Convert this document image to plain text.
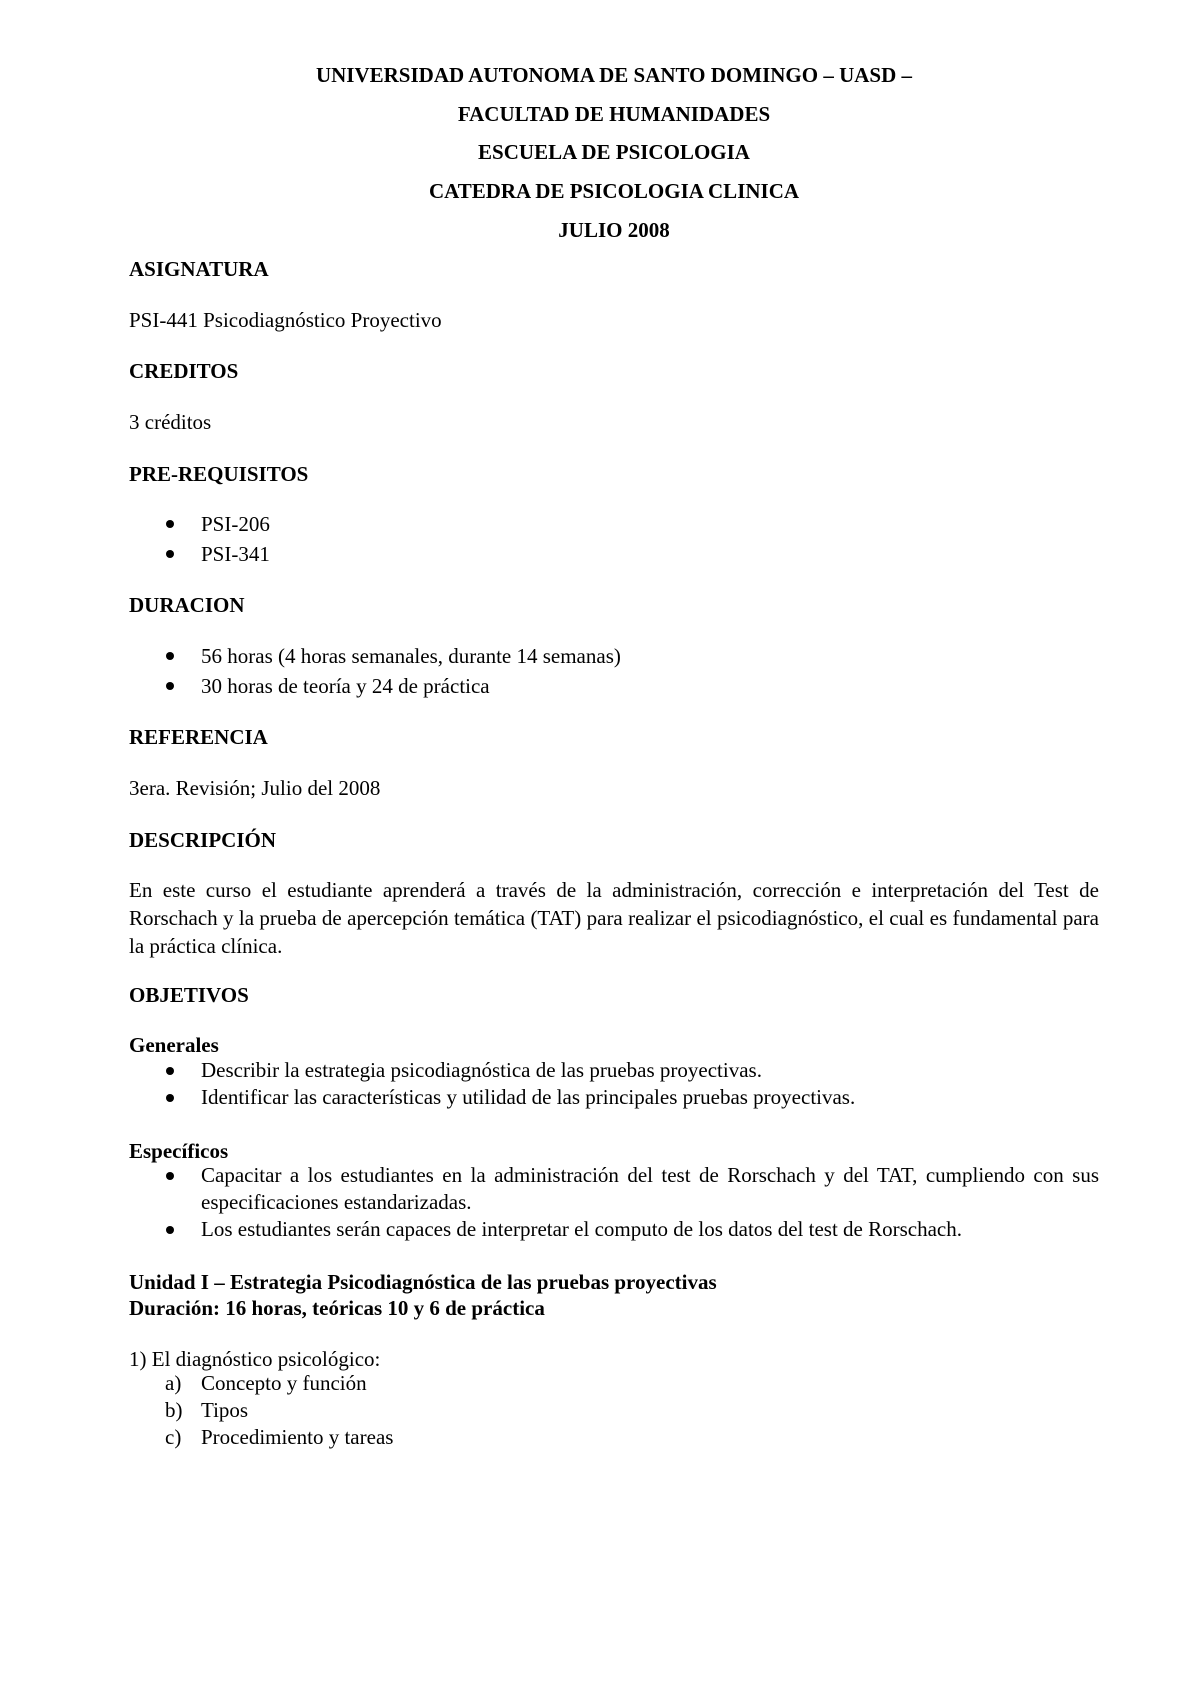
UNIVERSIDAD AUTONOMA DE SANTO DOMINGO – UASD –

FACULTAD DE HUMANIDADES

ESCUELA DE PSICOLOGIA

CATEDRA DE PSICOLOGIA CLINICA

JULIO 2008

ASIGNATURA

PSI-441 Psicodiagnóstico Proyectivo

CREDITOS

3 créditos

PRE-REQUISITOS

PSI-206
PSI-341

DURACION

56 horas (4 horas semanales, durante 14 semanas)
30 horas de teoría y 24 de práctica

REFERENCIA

3era. Revisión; Julio del 2008

DESCRIPCIÓN

En este curso el estudiante aprenderá a través de la administración, corrección e interpretación del Test de Rorschach y la prueba de apercepción temática (TAT) para realizar el psicodiagnóstico, el cual es fundamental para la práctica clínica.

OBJETIVOS

Generales

Describir la estrategia psicodiagnóstica de las pruebas proyectivas.
Identificar las características y utilidad de las principales pruebas proyectivas.

Específicos

Capacitar a los estudiantes en la administración del test de Rorschach y del TAT, cumpliendo con sus especificaciones estandarizadas.

Los estudiantes serán capaces de interpretar el computo de los datos del test de Rorschach.

Unidad I – Estrategia Psicodiagnóstica de las pruebas proyectivas

Duración: 16 horas, teóricas 10 y 6 de práctica

1) El diagnóstico psicológico:

a) Concepto y función
b) Tipos
c) Procedimiento y tareas
